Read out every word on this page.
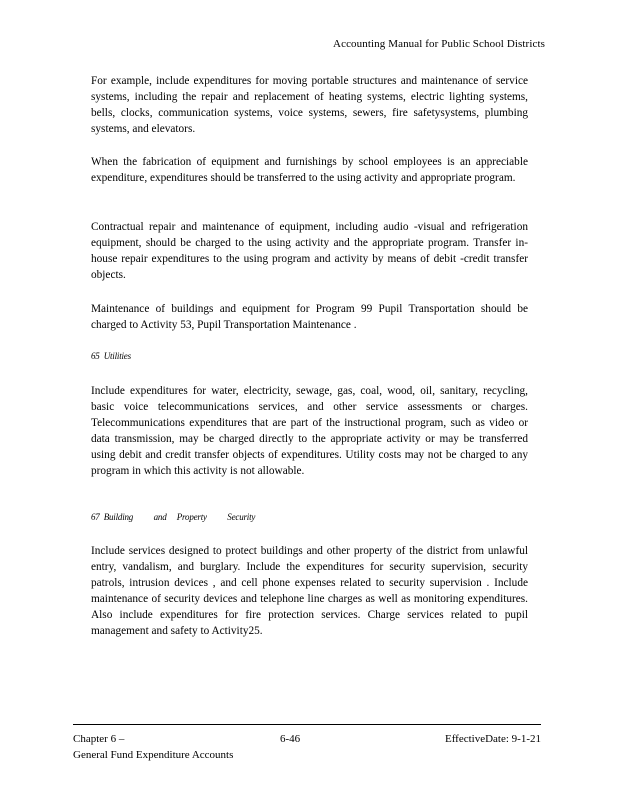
Accounting Manual for Public School Districts

For example, include expenditures for moving portable structures and maintenance of service systems, including the repair and replacement of heating systems, electric lighting systems, bells, clocks, communication systems, voice systems, sewers, fire safetysystems, plumbing systems, and elevators.

When the fabrication of equipment and furnishings by school employees is an appreciable expenditure, expenditures should be transferred to the using activity and appropriate program.

Contractual repair and maintenance of equipment, including audio -visual and refrigeration equipment, should be charged to the using activity and the appropriate program. Transfer in-house repair expenditures to the using program and activity by means of debit -credit transfer objects.

Maintenance of buildings and equipment for Program 99 Pupil Transportation should be charged to Activity 53, Pupil Transportation Maintenance .

Include expenditures for water, electricity, sewage, gas, coal, wood, oil, sanitary, recycling, basic voice telecommunications services, and other service assessments or charges. Telecommunications expenditures that are part of the instructional program, such as video or data transmission, may be charged directly to the appropriate activity or may be transferred using debit and credit transfer objects of expenditures. Utility costs may not be charged to any program in which this activity is not allowable.

Include services designed to protect buildings and other property of the district from unlawful entry, vandalism, and burglary. Include the expenditures for security supervision, security patrols, intrusion devices , and cell phone expenses related to security supervision . Include maintenance of security devices and telephone line charges as well as monitoring expenditures. Also include expenditures for fire protection services. Charge services related to pupil management and safety to Activity25.

65  Utilities
67  Building          and     Property          Security
Chapter 6 –
General Fund Expenditure Accounts
6-46	EffectiveDate: 9-1-21
